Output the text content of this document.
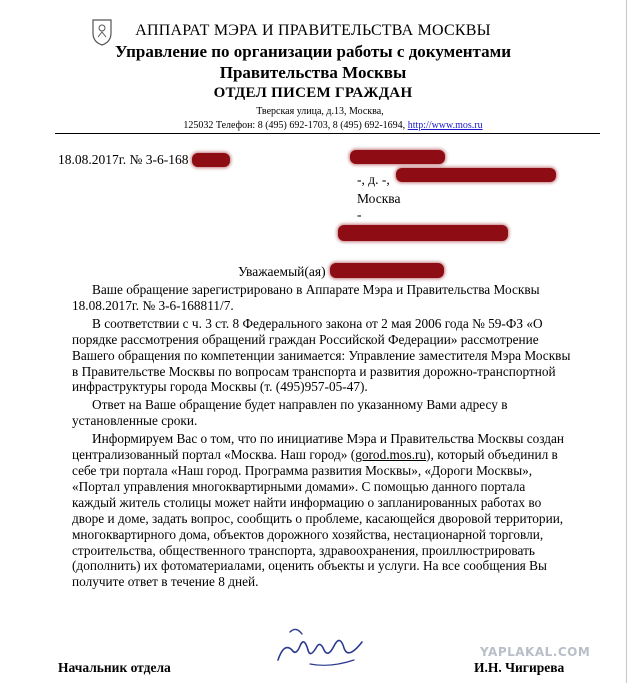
АППАРАТ МЭРА И ПРАВИТЕЛЬСТВА МОСКВЫ
Управление по организации работы с документами
Правительства Москвы
ОТДЕЛ ПИСЕМ ГРАЖДАН
Тверская улица, д.13, Москва,
125032 Телефон: 8 (495) 692-1703, 8 (495) 692-1694, http://www.mos.ru
18.08.2017г. № 3-6-168
-, д. -,
Москва
-
Уважаемый(ая)

Ваше обращение зарегистрировано в Аппарате Мэра и Правительства Москвы 18.08.2017г. № 3-6-168811/7.

В соответствии с ч. 3 ст. 8 Федерального закона от 2 мая 2006 года № 59-ФЗ «О порядке рассмотрения обращений граждан Российской Федерации» рассмотрение Вашего обращения по компетенции занимается: Управление заместителя Мэра Москвы в Правительстве Москвы по вопросам транспорта и развития дорожно-транспортной инфраструктуры города Москвы (т. (495)957-05-47).

Ответ на Ваше обращение будет направлен по указанному Вами адресу в установленные сроки.

Информируем Вас о том, что по инициативе Мэра и Правительства Москвы создан централизованный портал «Москва. Наш город» (gorod.mos.ru), который объединил в себе три портала «Наш город. Программа развития Москвы», «Дороги Москвы», «Портал управления многоквартирными домами». С помощью данного портала каждый житель столицы может найти информацию о запланированных работах во дворе и доме, задать вопрос, сообщить о проблеме, касающейся дворовой территории, многоквартирного дома, объектов дорожного хозяйства, нестационарной торговли, строительства, общественного транспорта, здравоохранения, проиллюстрировать (дополнить) их фотоматериалами, оценить объекты и услуги. На все сообщения Вы получите ответ в течение 8 дней.

Начальник отдела
YAPLAKAL.COM
И.Н. Чигирева
